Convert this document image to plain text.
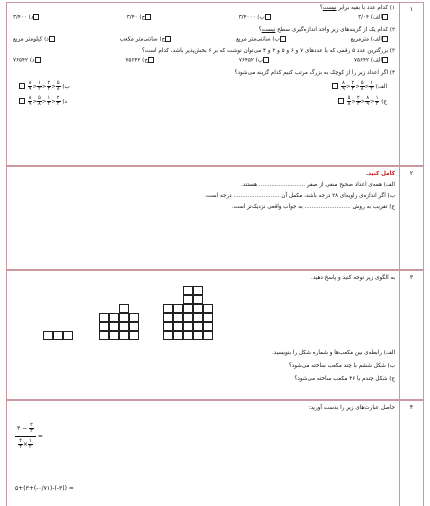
۱
۱) کدام عدد با بقیه برابر نیست؟
الف) ۳/۰۴
ب) ۳/۴۰۰۰
ج) ۳/۴۰
د) ۳/۴۰۰
۲) کدام یک از گزینه‌های زیر واحد اندازه‌گیری سطح نیست؟
الف) مترمربع
ب) سانتی‌متر مربع
ج) سانتی‌متر مکعب
د) کیلومتر مربع
۳) بزرگترین عدد ۵ رقمی که با عددهای ۷ و ۶ و ۵ و ۲ و ۴ می‌توان نوشت که بر ۶ بخش‌پذیر باشد، کدام است؟
الف) ۷۵۶۴۲
ب) ۷۶۴۵۲
ج) ۷۵۶۴۲
د) ۷۶۵۴۲
۴) اگر اعداد زیر را از کوچک به بزرگ مرتب کنیم کدام گزینه می‌شود؟
الف)
۱
۲
<
۵
۸
<
۲
۳
<
۸
۹

ب)
۵
۸
<
۲
۳
<
۱
۲
<
۸
۹

ج)
۱
۲
<
۸
۹
<
۲
۳
<
۵
۸

د)
۲
۳
<
۱
۲
<
۵
۸
<
۸
۹

۲
کامل کنید.
الف) همه‌ی اعداد صحیح منفی از صفر .......................... هستند.
ب) اگر اندازه‌ی زاویه‌ای ۲۸ درجه باشد، مکمل آن .......................... درجه است.
ج) تقریب به روش .......................... به جواب واقعی نزدیک‌تر است.
۳
به الگوی زیر توجه کنید و پاسخ دهید.
الف) رابطه‌ی بین مکعب‌ها و شماره شکل را بنویسید.
ب) شکل ششم با چند مکعب ساخته می‌شود؟
ج) شکل چندم با ۴۶ مکعب ساخته می‌شود؟
۴
حاصل عبارت‌های زیر را بدست آورید:
۳ − ۲
۳
۴
۳ × ۱
۲
=
۵+(۳+(-۰/۷۱)-(-۳)) =
